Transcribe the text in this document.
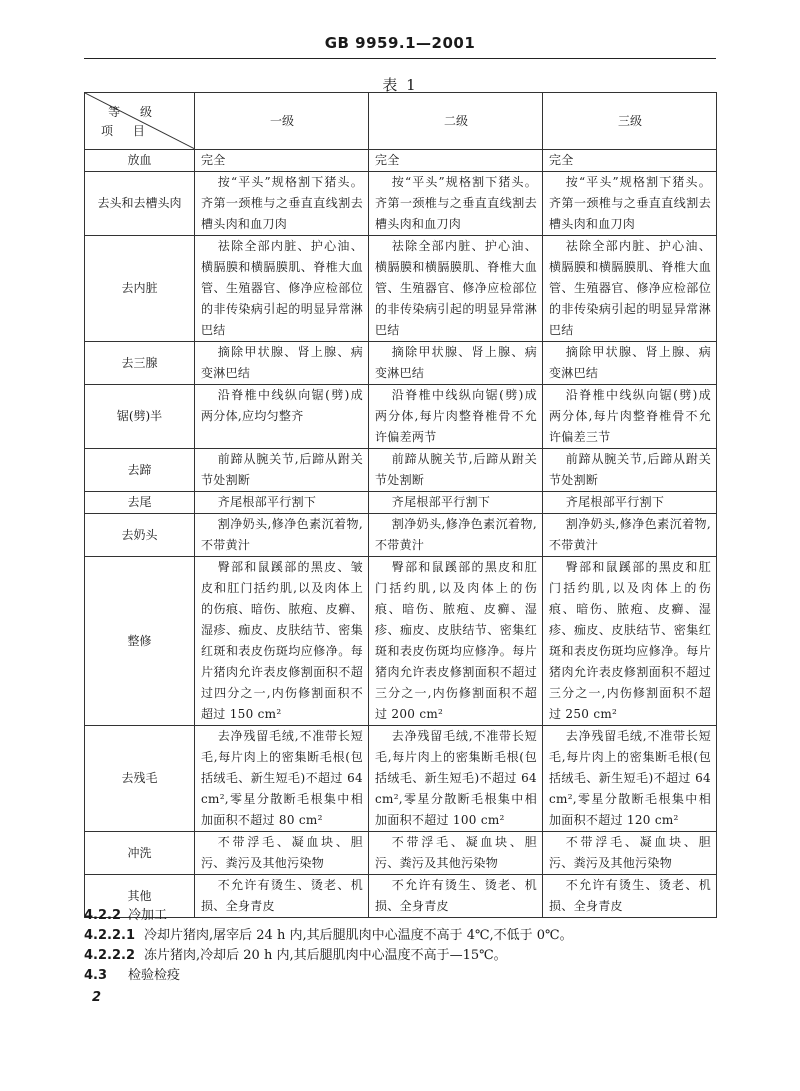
GB 9959.1—2001
表 1
等 级
项 目	一级	二级	三级
放血	完全	完全	完全
去头和去槽头肉	按“平头”规格割下猪头。齐第一颈椎与之垂直直线割去槽头肉和血刀肉	按“平头”规格割下猪头。齐第一颈椎与之垂直直线割去槽头肉和血刀肉	按“平头”规格割下猪头。齐第一颈椎与之垂直直线割去槽头肉和血刀肉
去内脏	祛除全部内脏、护心油、横膈膜和横膈膜肌、脊椎大血管、生殖器官、修净应检部位的非传染病引起的明显异常淋巴结	祛除全部内脏、护心油、横膈膜和横膈膜肌、脊椎大血管、生殖器官、修净应检部位的非传染病引起的明显异常淋巴结	祛除全部内脏、护心油、横膈膜和横膈膜肌、脊椎大血管、生殖器官、修净应检部位的非传染病引起的明显异常淋巴结
去三腺	摘除甲状腺、肾上腺、病变淋巴结	摘除甲状腺、肾上腺、病变淋巴结	摘除甲状腺、肾上腺、病变淋巴结
锯(劈)半	沿脊椎中线纵向锯(劈)成两分体,应均匀整齐	沿脊椎中线纵向锯(劈)成两分体,每片肉整脊椎骨不允许偏差两节	沿脊椎中线纵向锯(劈)成两分体,每片肉整脊椎骨不允许偏差三节
去蹄	前蹄从腕关节,后蹄从跗关节处割断	前蹄从腕关节,后蹄从跗关节处割断	前蹄从腕关节,后蹄从跗关节处割断
去尾	齐尾根部平行割下	齐尾根部平行割下	齐尾根部平行割下
去奶头	割净奶头,修净色素沉着物,不带黄汁	割净奶头,修净色素沉着物,不带黄汁	割净奶头,修净色素沉着物,不带黄汁
整修	臀部和鼠蹊部的黑皮、皱皮和肛门括约肌,以及肉体上的伤痕、暗伤、脓疱、皮癣、湿疹、痂皮、皮肤结节、密集红斑和表皮伤斑均应修净。每片猪肉允许表皮修割面积不超过四分之一,内伤修割面积不超过 150 cm²	臀部和鼠蹊部的黑皮和肛门括约肌,以及肉体上的伤痕、暗伤、脓疱、皮癣、湿疹、痂皮、皮肤结节、密集红斑和表皮伤斑均应修净。每片猪肉允许表皮修割面积不超过三分之一,内伤修割面积不超过 200 cm²	臀部和鼠蹊部的黑皮和肛门括约肌,以及肉体上的伤痕、暗伤、脓疱、皮癣、湿疹、痂皮、皮肤结节、密集红斑和表皮伤斑均应修净。每片猪肉允许表皮修割面积不超过三分之一,内伤修割面积不超过 250 cm²
去残毛	去净残留毛绒,不准带长短毛,每片肉上的密集断毛根(包括绒毛、新生短毛)不超过 64 cm²,零星分散断毛根集中相加面积不超过 80 cm²	去净残留毛绒,不准带长短毛,每片肉上的密集断毛根(包括绒毛、新生短毛)不超过 64 cm²,零星分散断毛根集中相加面积不超过 100 cm²	去净残留毛绒,不准带长短毛,每片肉上的密集断毛根(包括绒毛、新生短毛)不超过 64 cm²,零星分散断毛根集中相加面积不超过 120 cm²
冲洗	不带浮毛、凝血块、胆污、粪污及其他污染物	不带浮毛、凝血块、胆污、粪污及其他污染物	不带浮毛、凝血块、胆污、粪污及其他污染物
其他	不允许有烫生、烫老、机损、全身青皮	不允许有烫生、烫老、机损、全身青皮	不允许有烫生、烫老、机损、全身青皮
4.2.2 冷加工
4.2.2.1 冷却片猪肉,屠宰后 24 h 内,其后腿肌肉中心温度不高于 4℃,不低于 0℃。
4.2.2.2 冻片猪肉,冷却后 20 h 内,其后腿肌肉中心温度不高于—15℃。
4.3 检验检疫
2
